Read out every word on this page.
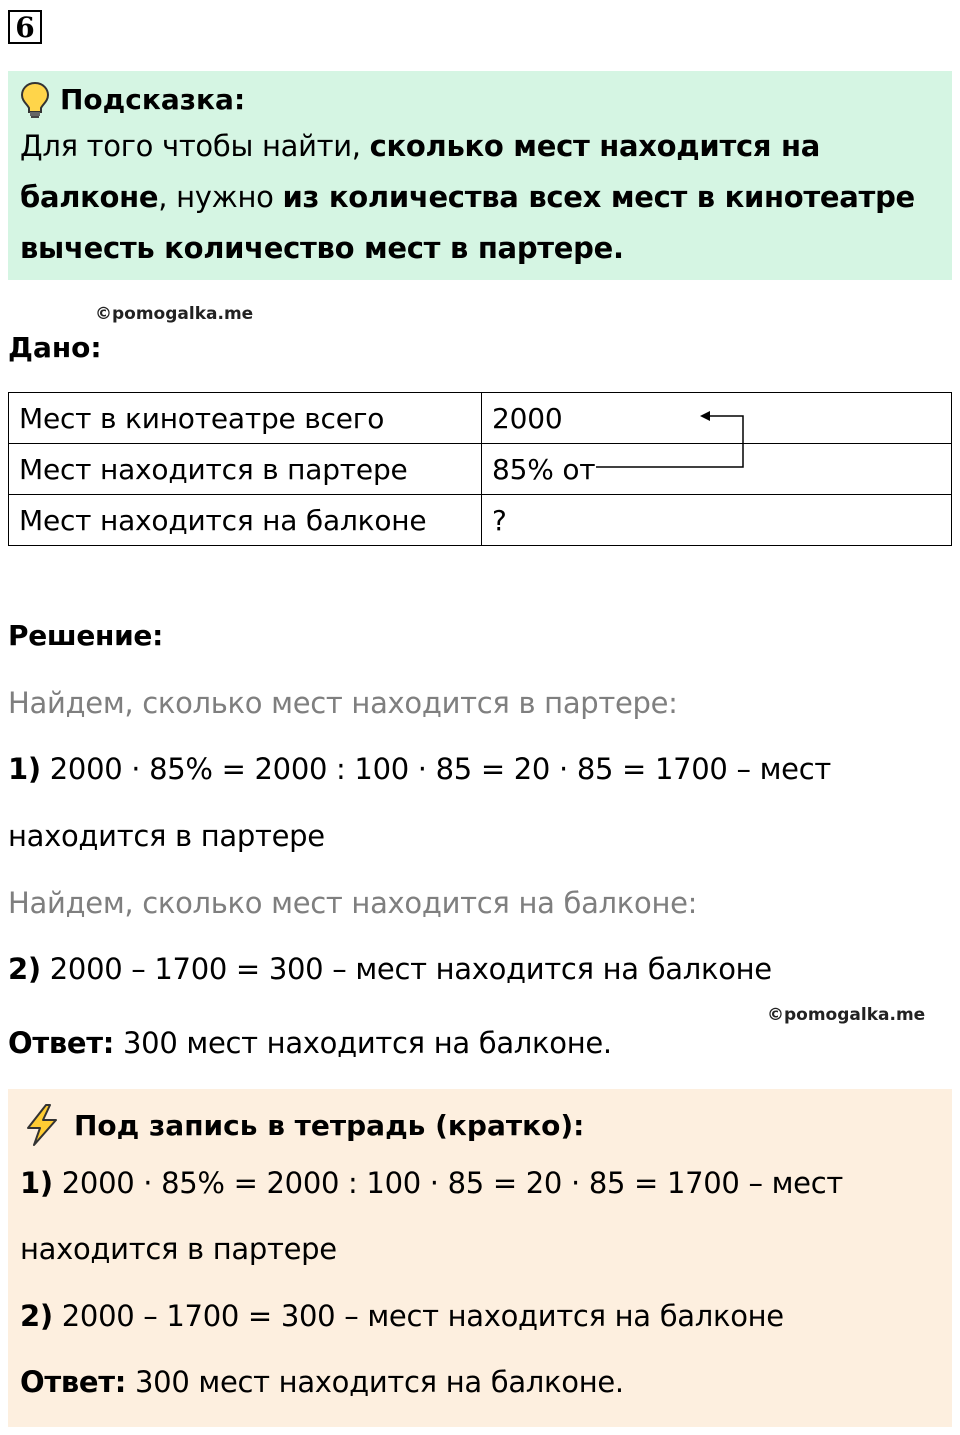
6
Подсказка:
Для того чтобы найти, сколько мест находится на балконе, нужно из количества всех мест в кинотеатре вычесть количество мест в партере.
©pomogalka.me
Дано:
Мест в кинотеатре всего	2000
Мест находится в партере	85% от
Мест находится на балконе	?
Решение:
Найдем, сколько мест находится в партере:
1) 2000 · 85% = 2000 : 100 · 85 = 20 · 85 = 1700 – мест
находится в партере
Найдем, сколько мест находится на балконе:
2) 2000 – 1700 = 300 – мест находится на балконе
©pomogalka.me
Ответ: 300 мест находится на балконе.
Под запись в тетрадь (кратко):
1) 2000 · 85% = 2000 : 100 · 85 = 20 · 85 = 1700 – мест
находится в партере
2) 2000 – 1700 = 300 – мест находится на балконе
Ответ: 300 мест находится на балконе.
